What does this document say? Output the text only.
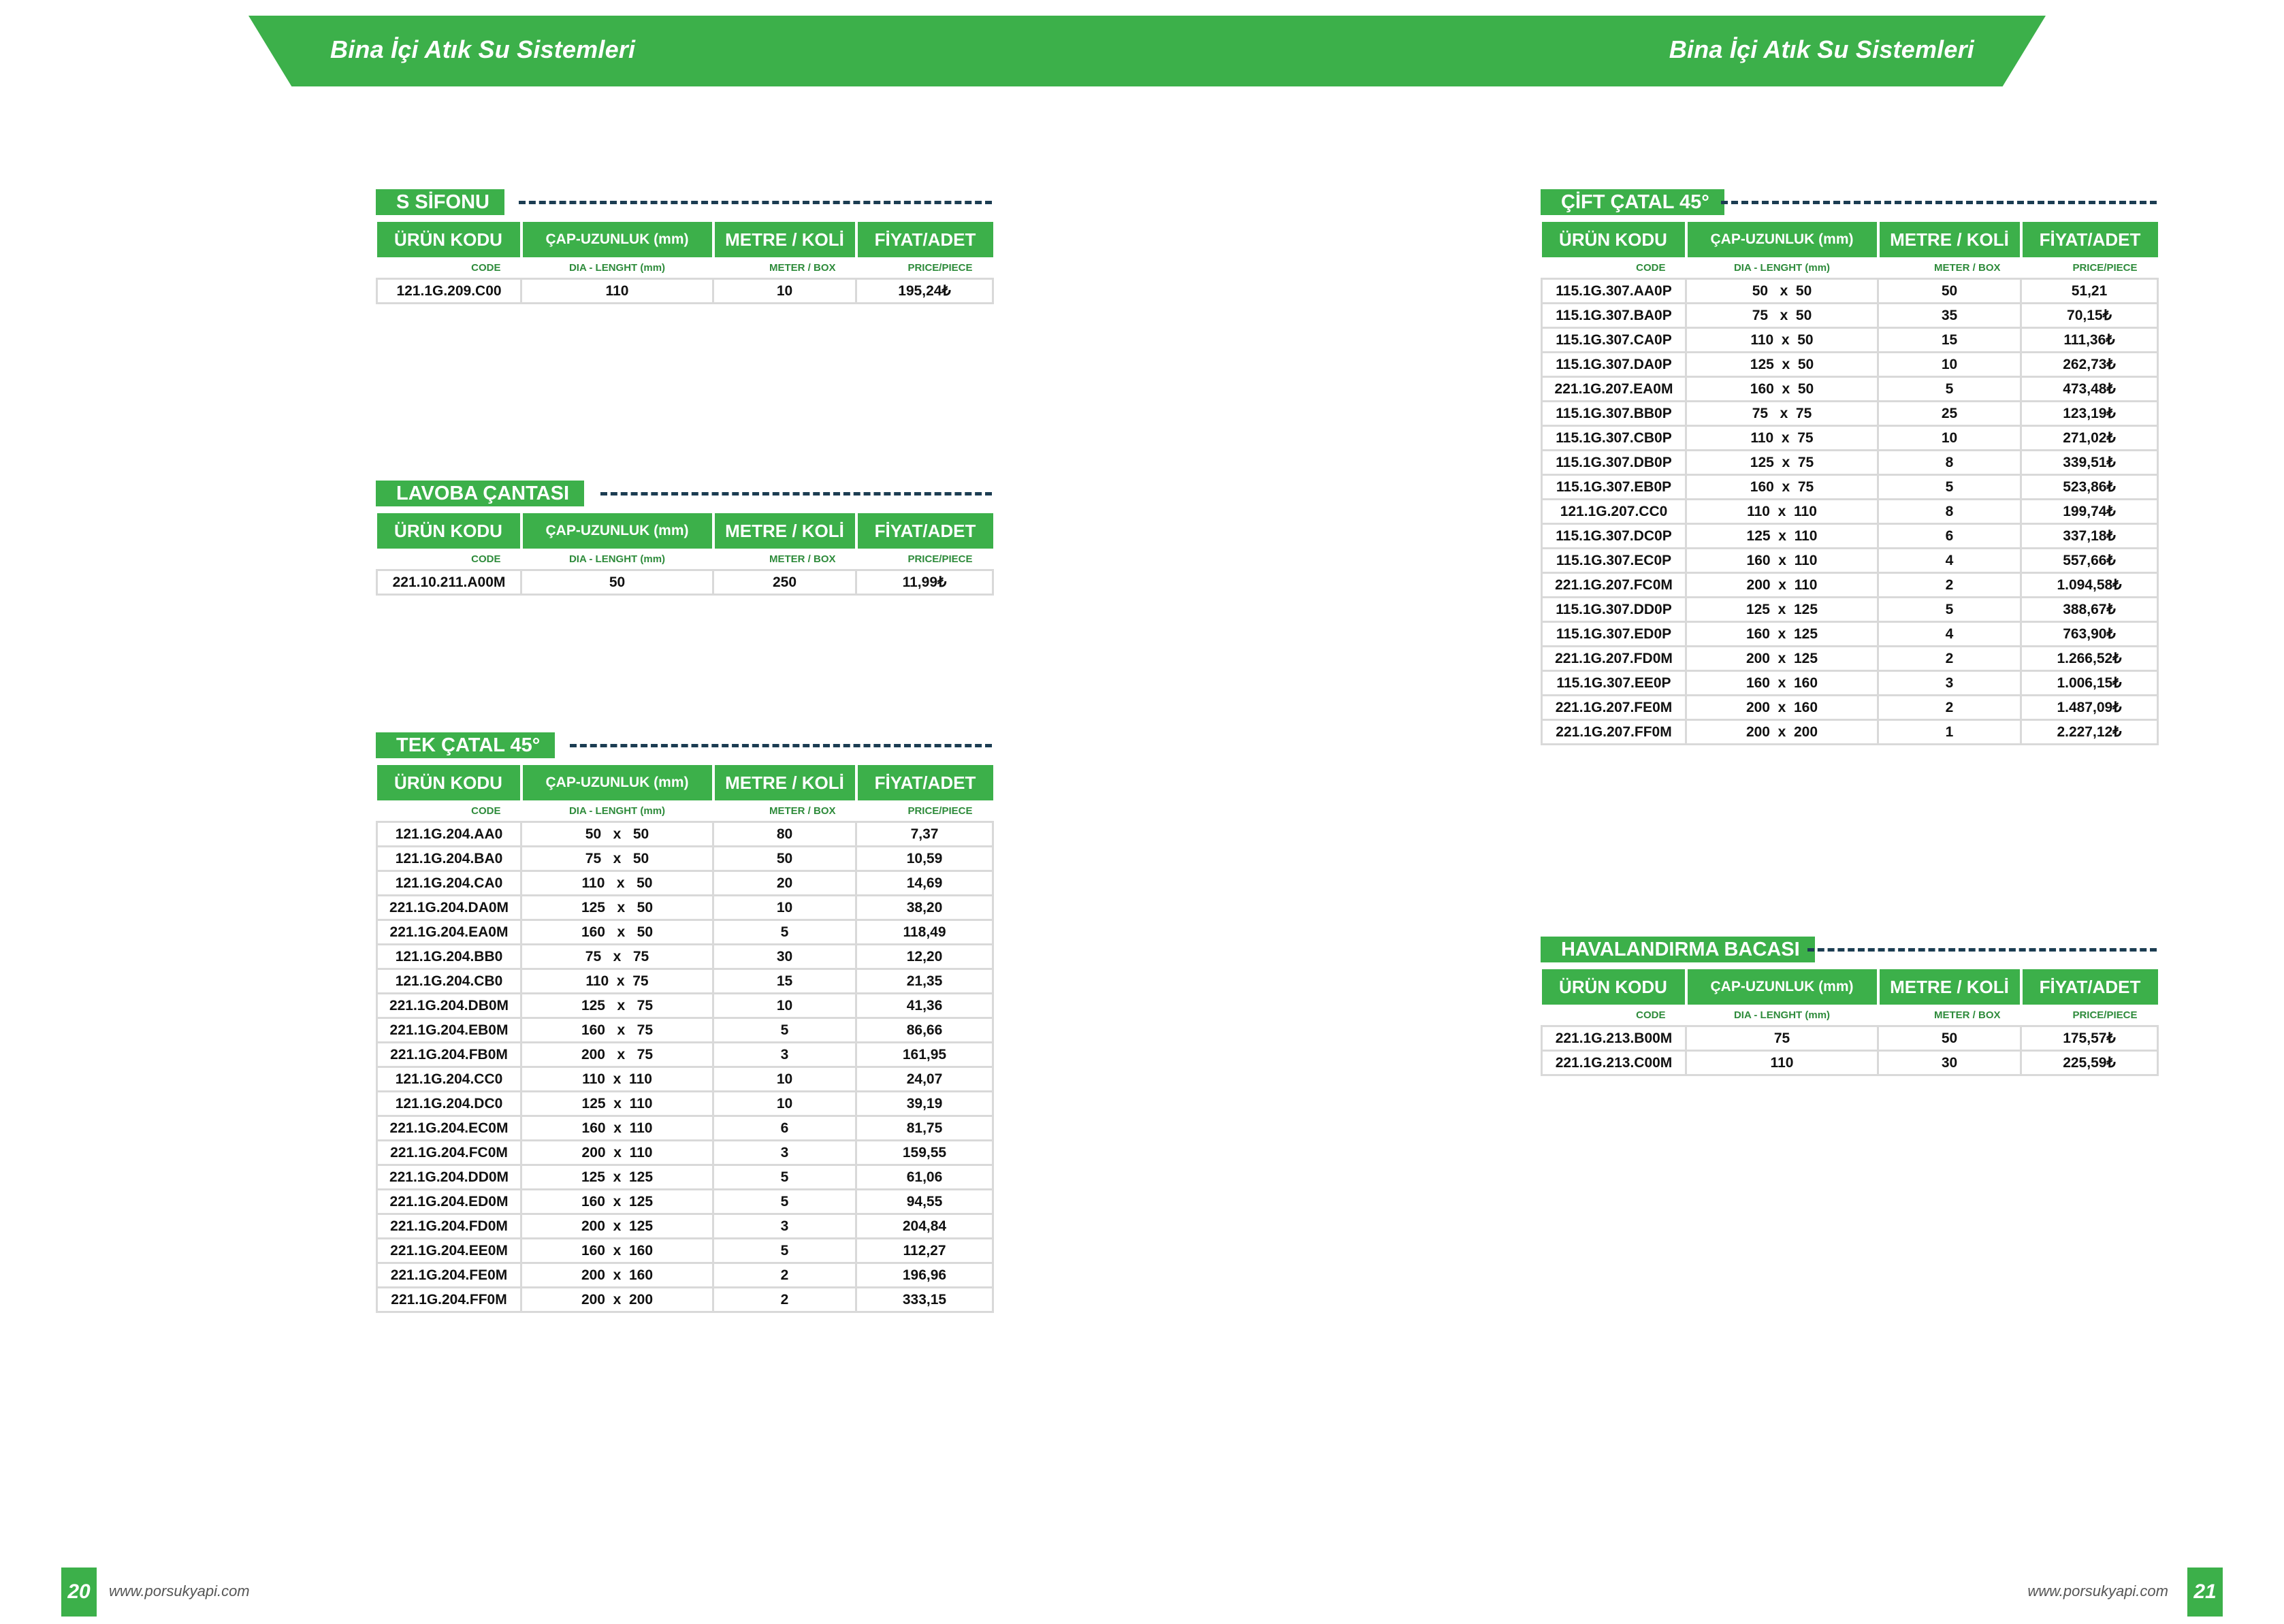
Bina İçi Atık Su Sistemleri	Bina İçi Atık Su Sistemleri
S SİFONU
ÜRÜN KODU	ÇAP-UZUNLUK (mm)	METRE / KOLİ	FİYAT/ADET
CODE	DIA - LENGHT (mm)	METER / BOX	PRICE/PIECE
121.1G.209.C00	110	10	195,24₺
LAVOBA ÇANTASI
ÜRÜN KODU	ÇAP-UZUNLUK (mm)	METRE / KOLİ	FİYAT/ADET
CODE	DIA - LENGHT (mm)	METER / BOX	PRICE/PIECE
221.10.211.A00M	50	250	11,99₺
TEK ÇATAL 45°
ÜRÜN KODU	ÇAP-UZUNLUK (mm)	METRE / KOLİ	FİYAT/ADET
CODE	DIA - LENGHT (mm)	METER / BOX	PRICE/PIECE
121.1G.204.AA0	50   x   50	80	7,37
121.1G.204.BA0	75   x   50	50	10,59
121.1G.204.CA0	110   x   50	20	14,69
221.1G.204.DA0M	125   x   50	10	38,20
221.1G.204.EA0M	160   x   50	5	118,49
121.1G.204.BB0	75   x   75	30	12,20
121.1G.204.CB0	110  x  75	15	21,35
221.1G.204.DB0M	125   x   75	10	41,36
221.1G.204.EB0M	160   x   75	5	86,66
221.1G.204.FB0M	200   x   75	3	161,95
121.1G.204.CC0	110  x  110	10	24,07
121.1G.204.DC0	125  x  110	10	39,19
221.1G.204.EC0M	160  x  110	6	81,75
221.1G.204.FC0M	200  x  110	3	159,55
221.1G.204.DD0M	125  x  125	5	61,06
221.1G.204.ED0M	160  x  125	5	94,55
221.1G.204.FD0M	200  x  125	3	204,84
221.1G.204.EE0M	160  x  160	5	112,27
221.1G.204.FE0M	200  x  160	2	196,96
221.1G.204.FF0M	200  x  200	2	333,15
ÇİFT ÇATAL 45°
ÜRÜN KODU	ÇAP-UZUNLUK (mm)	METRE / KOLİ	FİYAT/ADET
CODE	DIA - LENGHT (mm)	METER / BOX	PRICE/PIECE
115.1G.307.AA0P	50   x  50	50	51,21
115.1G.307.BA0P	75   x  50	35	70,15₺
115.1G.307.CA0P	110  x  50	15	111,36₺
115.1G.307.DA0P	125  x  50	10	262,73₺
221.1G.207.EA0M	160  x  50	5	473,48₺
115.1G.307.BB0P	75   x  75	25	123,19₺
115.1G.307.CB0P	110  x  75	10	271,02₺
115.1G.307.DB0P	125  x  75	8	339,51₺
115.1G.307.EB0P	160  x  75	5	523,86₺
121.1G.207.CC0	110  x  110	8	199,74₺
115.1G.307.DC0P	125  x  110	6	337,18₺
115.1G.307.EC0P	160  x  110	4	557,66₺
221.1G.207.FC0M	200  x  110	2	1.094,58₺
115.1G.307.DD0P	125  x  125	5	388,67₺
115.1G.307.ED0P	160  x  125	4	763,90₺
221.1G.207.FD0M	200  x  125	2	1.266,52₺
115.1G.307.EE0P	160  x  160	3	1.006,15₺
221.1G.207.FE0M	200  x  160	2	1.487,09₺
221.1G.207.FF0M	200  x  200	1	2.227,12₺
HAVALANDIRMA BACASI
ÜRÜN KODU	ÇAP-UZUNLUK (mm)	METRE / KOLİ	FİYAT/ADET
CODE	DIA - LENGHT (mm)	METER / BOX	PRICE/PIECE
221.1G.213.B00M	75	50	175,57₺
221.1G.213.C00M	110	30	225,59₺
20	www.porsukyapi.com	www.porsukyapi.com	21
